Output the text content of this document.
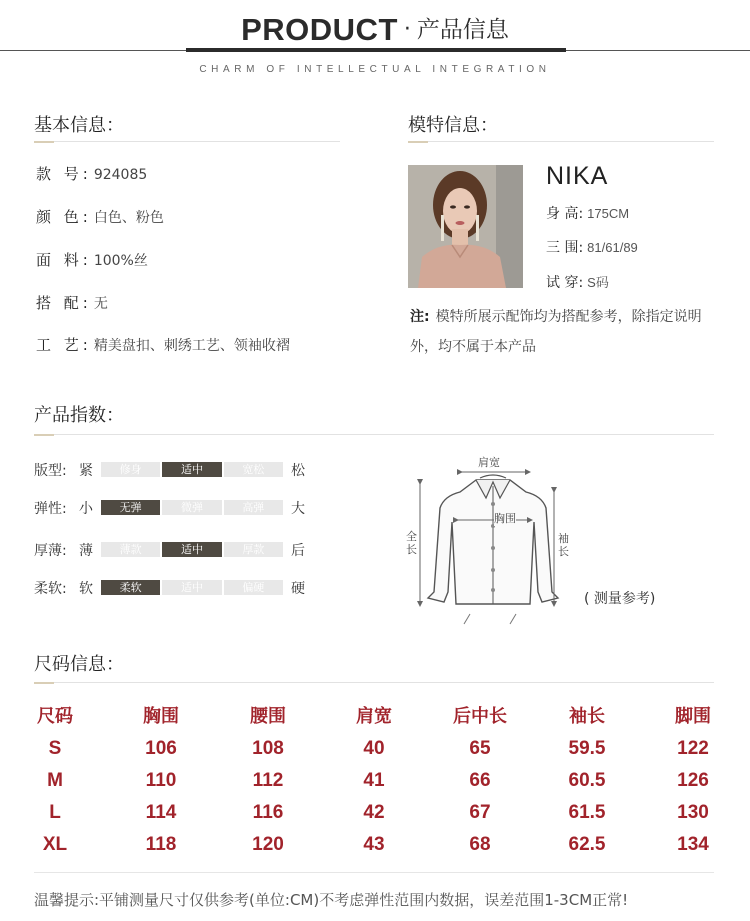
PRODUCT · 产品信息
CHARM OF INTELLECTUAL INTEGRATION
基本信息：
款 号: 924085
颜 色: 白色、粉色
面 料: 100%丝
搭 配: 无
工 艺: 精美盘扣、刺绣工艺、领袖收褶
模特信息：
NIKA
身 高: 175CM
三 围: 81/61/89
试 穿: S码
注: 模特所展示配饰均为搭配参考，除指定说明外，均不属于本产品
产品指数：
版型: 紧	修身	适中	宽松	松
弹性: 小	无弹	微弹	高弹	大
厚薄: 薄	薄款	适中	厚款	后
柔软: 软	柔软	适中	偏硬	硬
肩宽
胸围
全长
袖长
( 测量参考)
尺码信息：
尺码	胸围	腰围	肩宽	后中长	袖长	脚围
S	106	108	40	65	59.5	122
M	110	112	41	66	60.5	126
L	114	116	42	67	61.5	130
XL	118	120	43	68	62.5	134
温馨提示:平铺测量尺寸仅供参考(单位:CM)不考虑弹性范围内数据，误差范围1-3CM正常!
